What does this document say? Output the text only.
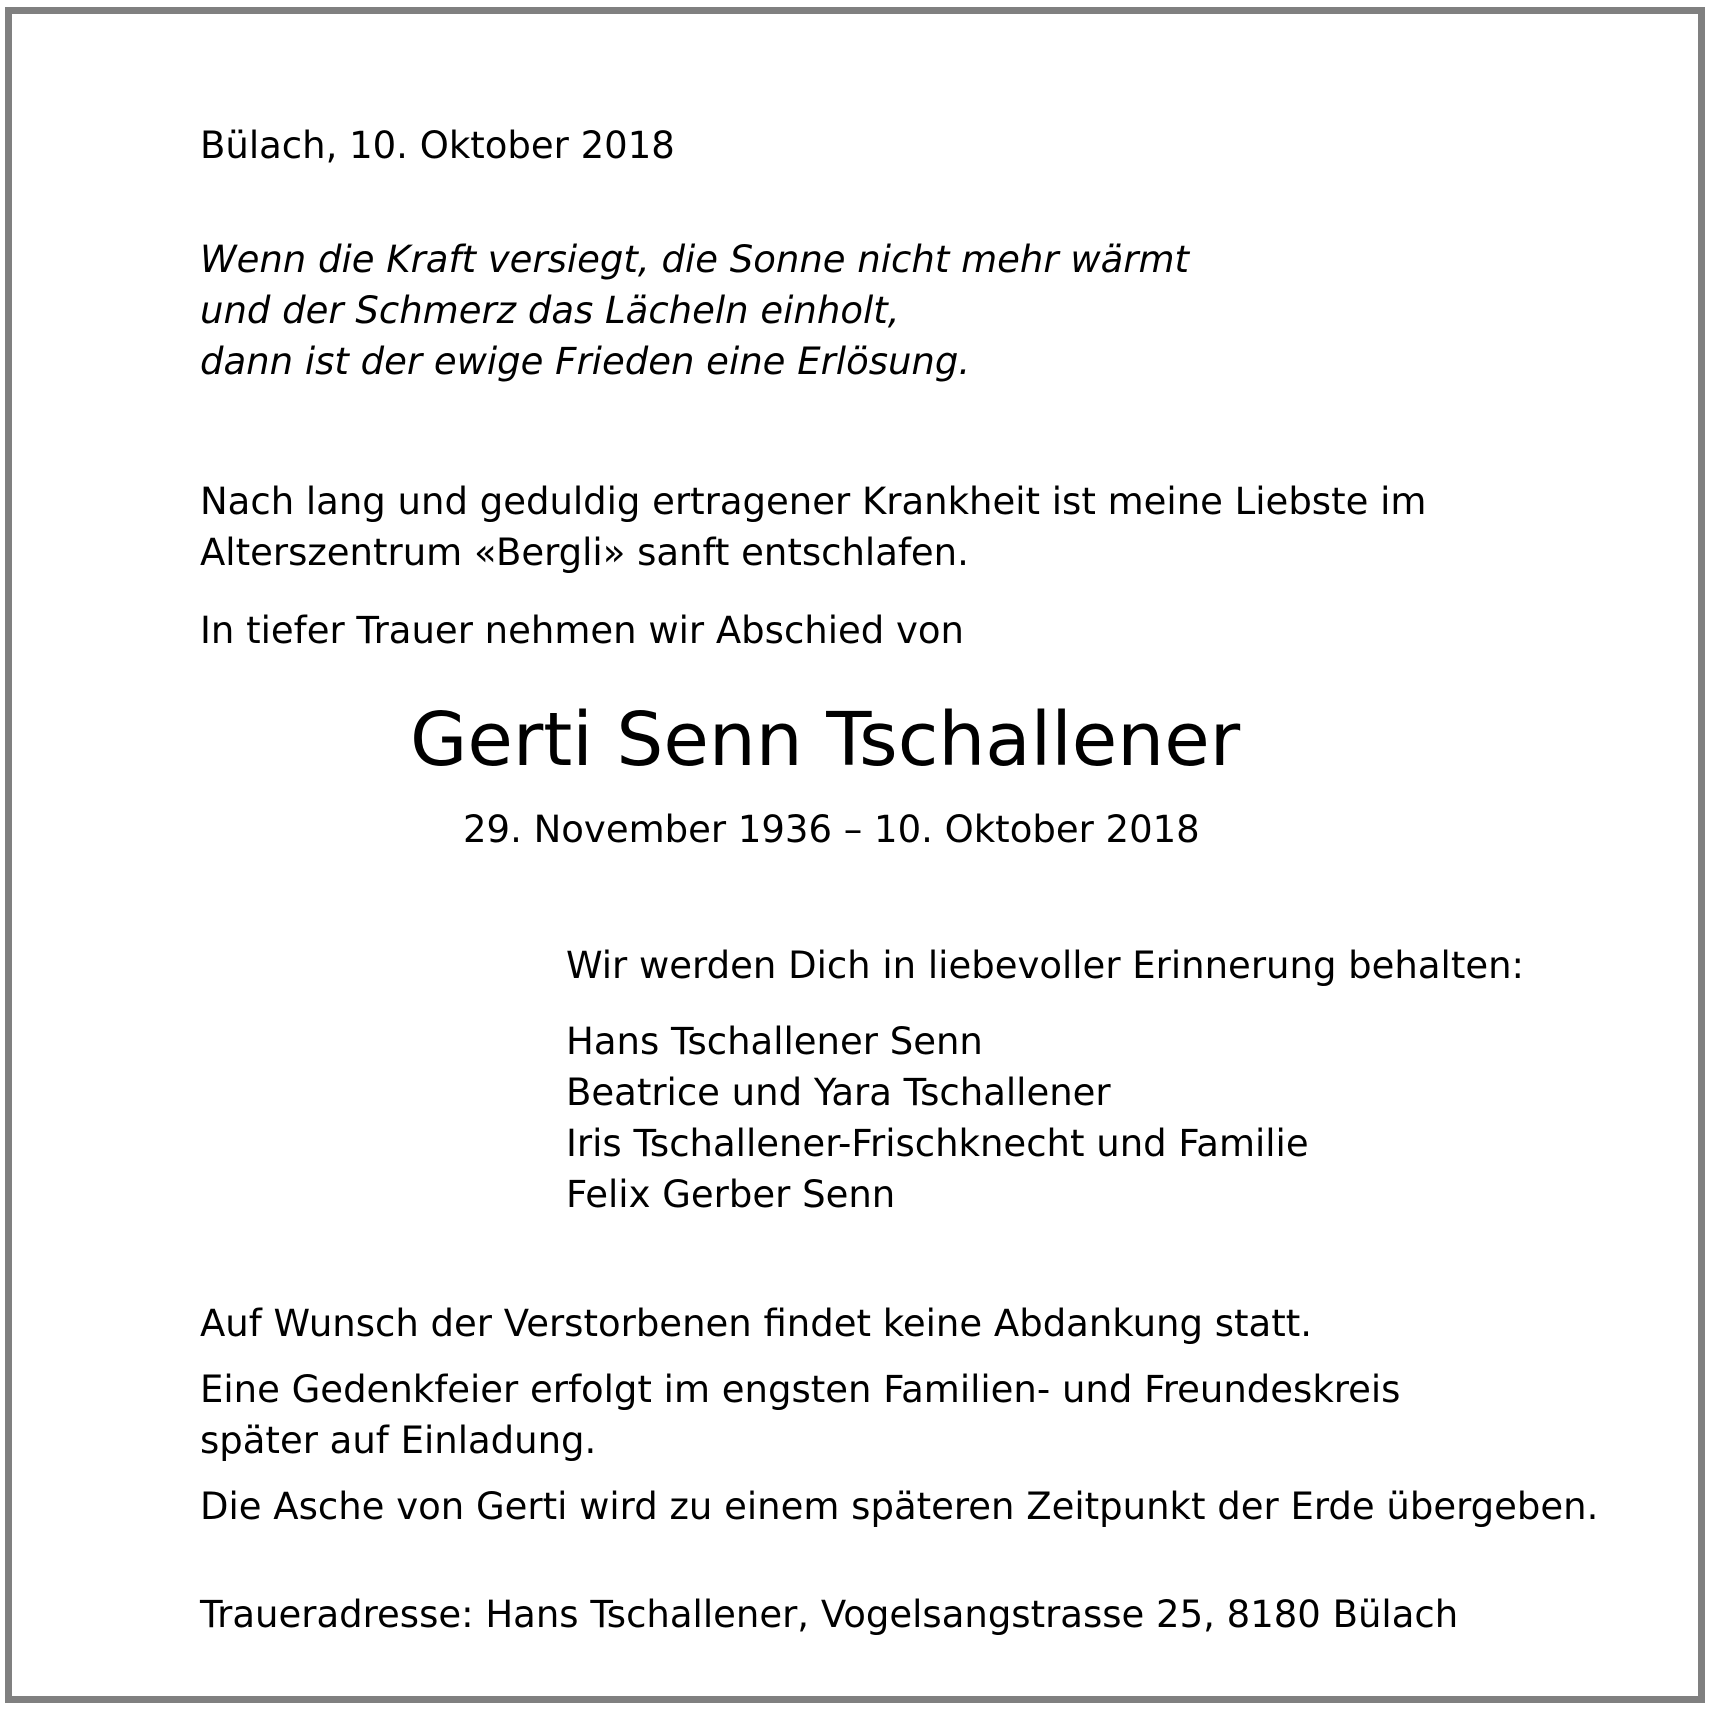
Bülach, 10. Oktober 2018
Wenn die Kraft versiegt, die Sonne nicht mehr wärmt
und der Schmerz das Lächeln einholt,
dann ist der ewige Frieden eine Erlösung.
Nach lang und geduldig ertragener Krankheit ist meine Liebste im
Alterszentrum «Bergli» sanft entschlafen.
In tiefer Trauer nehmen wir Abschied von
Gerti Senn Tschallener
29. November 1936 – 10. Oktober 2018
Wir werden Dich in liebevoller Erinnerung behalten:
Hans Tschallener Senn
Beatrice und Yara Tschallener
Iris Tschallener-Frischknecht und Familie
Felix Gerber Senn
Auf Wunsch der Verstorbenen findet keine Abdankung statt.
Eine Gedenkfeier erfolgt im engsten Familien- und Freundeskreis
später auf Einladung.
Die Asche von Gerti wird zu einem späteren Zeitpunkt der Erde übergeben.
Traueradresse: Hans Tschallener, Vogelsangstrasse 25, 8180 Bülach
